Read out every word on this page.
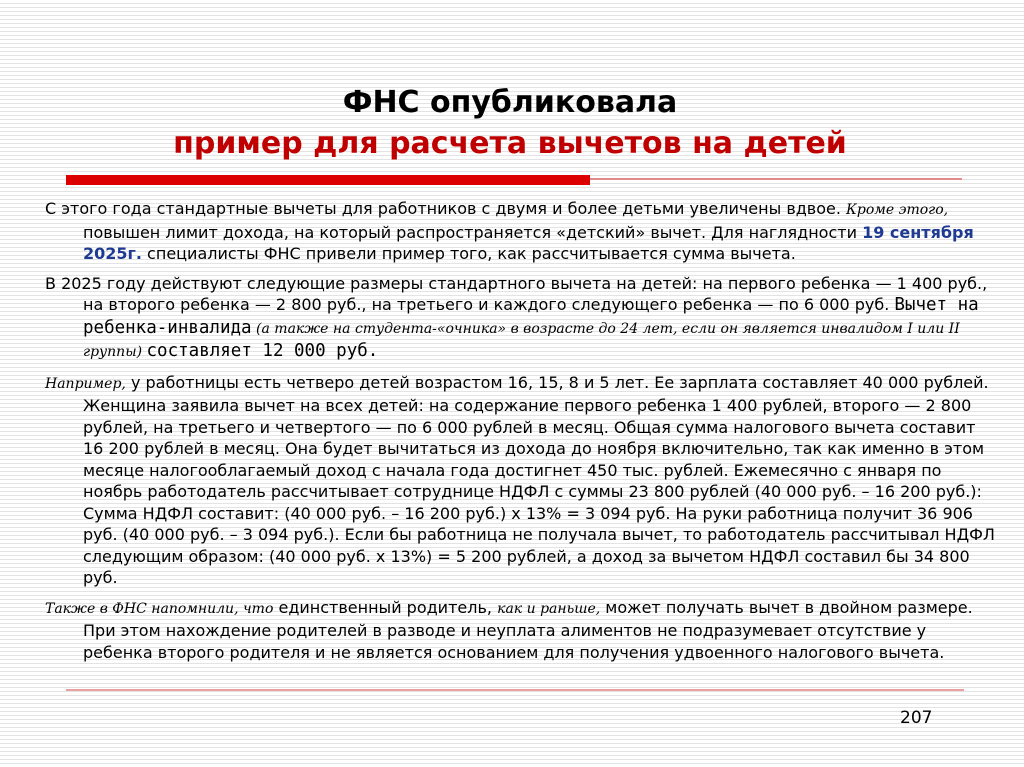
ФНС опубликовала
пример для расчета вычетов на детей

С этого года стандартные вычеты для работников с двумя и более детьми увеличены вдвое. Кроме этого, повышен лимит дохода, на который распространяется «детский» вычет. Для наглядности 19 сентября 2025г. специалисты ФНС привели пример того, как рассчитывается сумма вычета.

В 2025 году действуют следующие размеры стандартного вычета на детей: на первого ребенка — 1 400 руб., на второго ребенка — 2 800 руб., на третьего и каждого следующего ребенка — по 6 000 руб. Вычет на ребенка-инвалида (а также на студента-«очника» в возрасте до 24 лет, если он является инвалидом I или II группы) составляет 12 000 руб.

Например, у работницы есть четверо детей возрастом 16, 15, 8 и 5 лет. Ее зарплата составляет 40 000 рублей. Женщина заявила вычет на всех детей: на содержание первого ребенка 1 400 рублей, второго — 2 800 рублей, на третьего и четвертого — по 6 000 рублей в месяц. Общая сумма налогового вычета составит 16 200 рублей в месяц. Она будет вычитаться из дохода до ноября включительно, так как именно в этом месяце налогооблагаемый доход с начала года достигнет 450 тыс. рублей. Ежемесячно с января по ноябрь работодатель рассчитывает сотруднице НДФЛ с суммы 23 800 рублей (40 000 руб. – 16 200 руб.): Сумма НДФЛ составит: (40 000 руб. – 16 200 руб.) х 13% = 3 094 руб. На руки работница получит 36 906 руб. (40 000 руб. – 3 094 руб.). Если бы работница не получала вычет, то работодатель рассчитывал НДФЛ следующим образом: (40 000 руб. х 13%) = 5 200 рублей, а доход за вычетом НДФЛ составил бы 34 800 руб.

Также в ФНС напомнили, что единственный родитель, как и раньше, может получать вычет в двойном размере. При этом нахождение родителей в разводе и неуплата алиментов не подразумевает отсутствие у ребенка второго родителя и не является основанием для получения удвоенного налогового вычета.

207
